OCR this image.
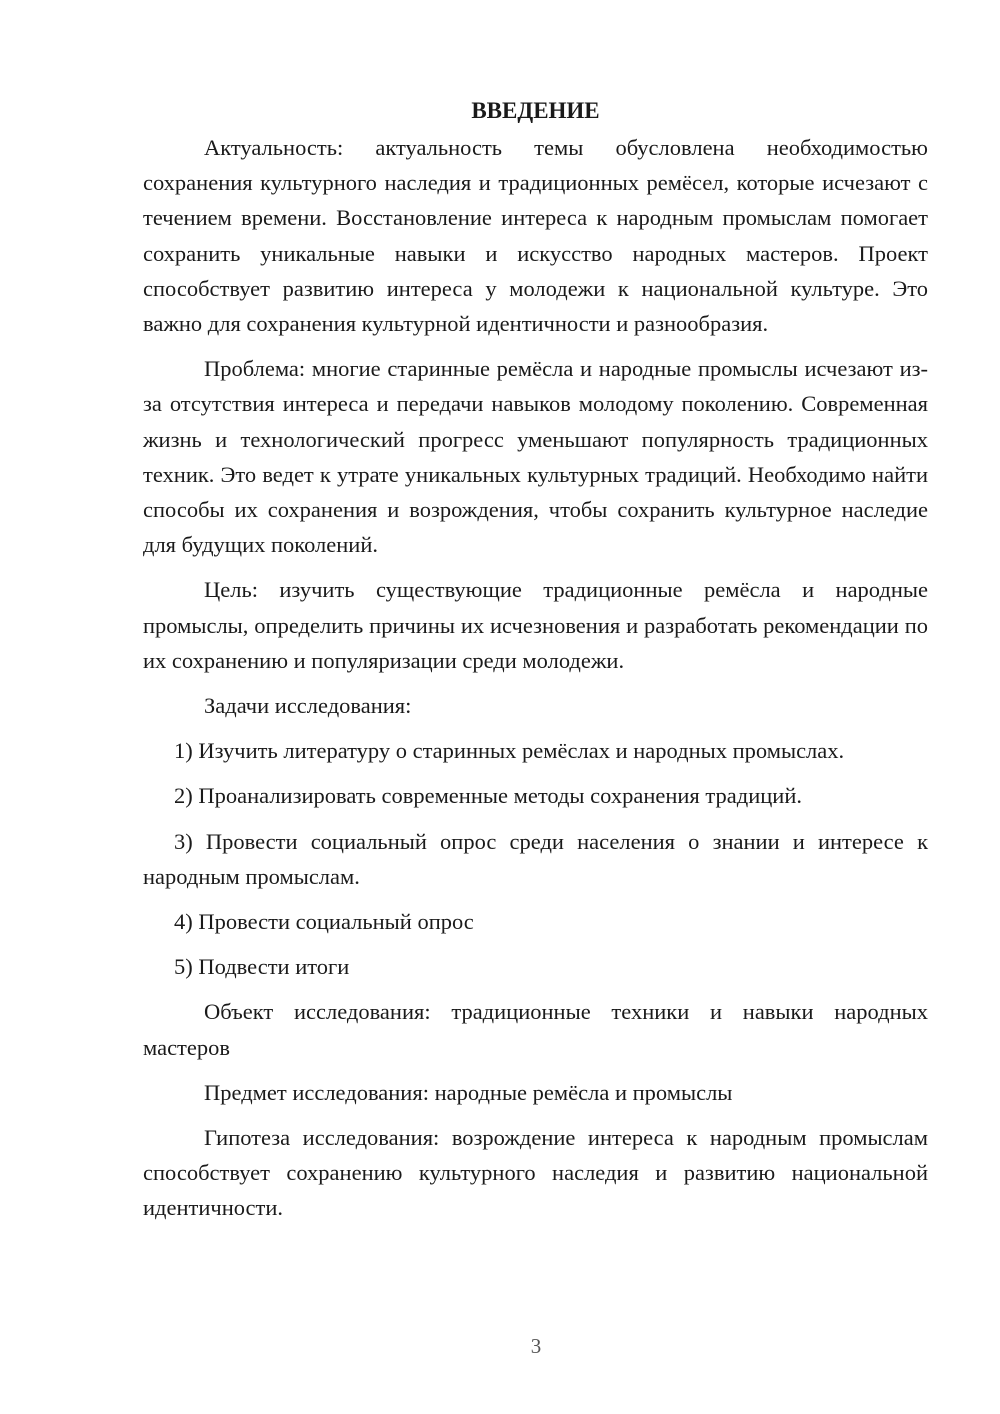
ВВЕДЕНИЕ

Актуальность: актуальность темы обусловлена необходимостью сохранения культурного наследия и традиционных ремёсел, которые исчезают с течением времени. Восстановление интереса к народным промыслам помогает сохранить уникальные навыки и искусство народных мастеров. Проект способствует развитию интереса у молодежи к национальной культуре. Это важно для сохранения культурной идентичности и разнообразия.

Проблема: многие старинные ремёсла и народные промыслы исчезают из-за отсутствия интереса и передачи навыков молодому поколению. Современная жизнь и технологический прогресс уменьшают популярность традиционных техник. Это ведет к утрате уникальных культурных традиций. Необходимо найти способы их сохранения и возрождения, чтобы сохранить культурное наследие для будущих поколений.

Цель: изучить существующие традиционные ремёсла и народные промыслы, определить причины их исчезновения и разработать рекомендации по их сохранению и популяризации среди молодежи.

Задачи исследования:

1) Изучить литературу о старинных ремёслах и народных промыслах.

2) Проанализировать современные методы сохранения традиций.

3) Провести социальный опрос среди населения о знании и интересе к народным промыслам.

4) Провести социальный опрос

5) Подвести итоги

Объект исследования: традиционные техники и навыки народных мастеров

Предмет исследования: народные ремёсла и промыслы

Гипотеза исследования: возрождение интереса к народным промыслам способствует сохранению культурного наследия и развитию национальной идентичности.

3
